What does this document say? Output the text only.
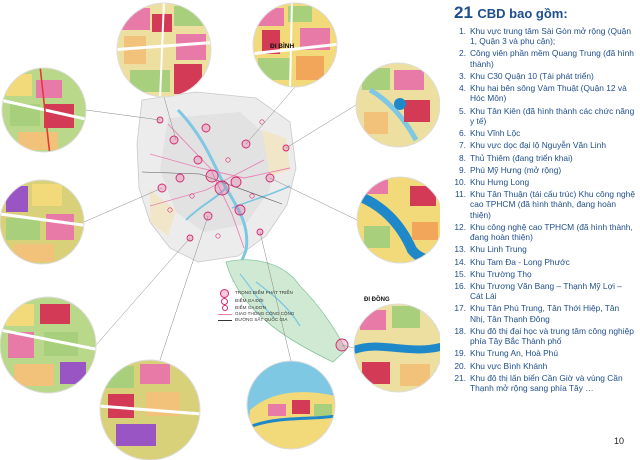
ĐI BÌNH
ĐI ĐỒNG
TRỌNG ĐIỂM PHÁT TRIỂN
ĐIỂM GA ĐÔI
ĐIỂM GA ĐƠN
GIAO THÔNG CÔNG CỘNG
ĐƯỜNG SẮT QUỐC GIA
21 CBD bao gồm:
1. Khu vực trung tâm Sài Gòn mở rộng (Quận 1, Quận 3 và phụ cận);
2. Công viên phần mềm Quang Trung (đã hình thành)
3. Khu C30 Quận 10 (Tái phát triển)
4. Khu hai bên sông Vàm Thuật (Quận 12 và Hóc Môn)
5. Khu Tân Kiên (đã hình thành các chức năng y tế)
6. Khu Vĩnh Lộc
7. Khu vực dọc đại lộ Nguyễn Văn Linh
8. Thủ Thiêm (đang triển khai)
9. Phú Mỹ Hưng (mở rộng)
10. Khu Hưng Long
11. Khu Tân Thuận (tái cấu trúc) Khu công nghệ cao TPHCM (đã hình thành, đang hoàn thiện)
12. Khu công nghệ cao TPHCM (đã hình thành, đang hoàn thiện)
13. Khu Linh Trung
14. Khu Tam Đa - Long Phước
15. Khu Trường Thọ
16. Khu Trương Văn Bang – Thạnh Mỹ Lợi – Cát Lái
17. Khu Tân Phú Trung, Tân Thới Hiệp, Tân Nhị, Tân Thạnh Đông
18. Khu đô thị đại học và trung tâm công nghiệp phía Tây Bắc Thành phố
19. Khu Trung An, Hoà Phú
20. Khu vực Bình Khánh
21. Khu đô thị lấn biển Cần Giờ và vùng Cần Thạnh mở rộng sang phía Tây …
10
